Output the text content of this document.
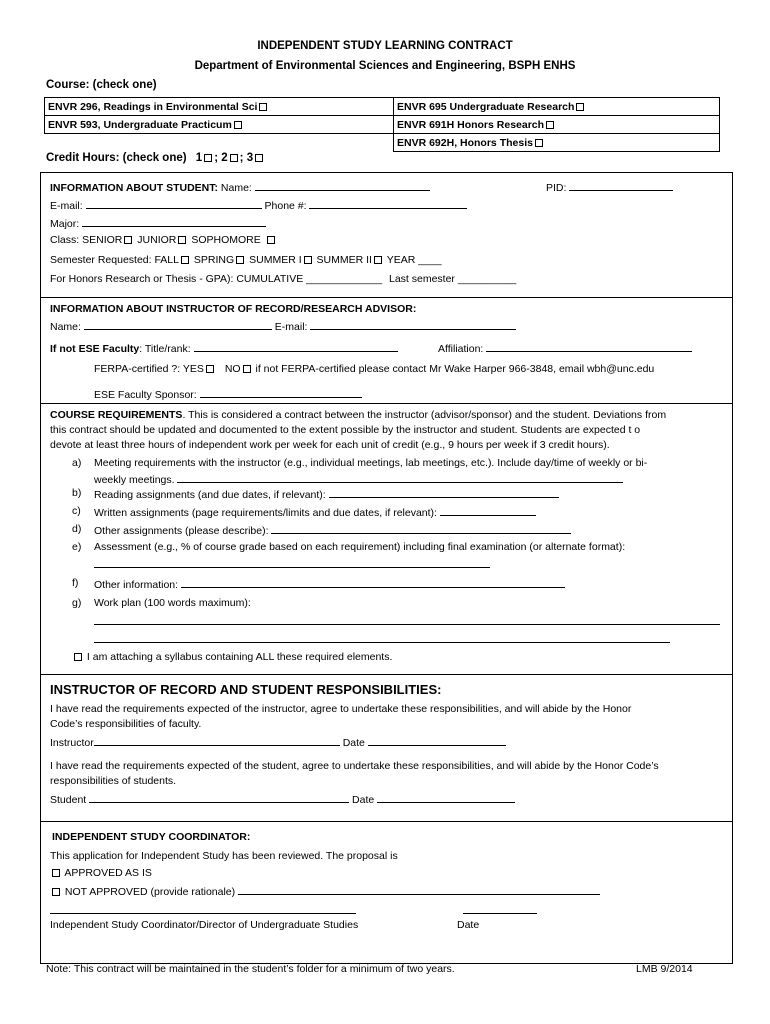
INDEPENDENT STUDY LEARNING CONTRACT
Department of Environmental Sciences and Engineering, BSPH ENHS
Course: (check one)
ENVR 296, Readings in Environmental Sci	ENVR 695 Undergraduate Research
ENVR 593, Undergraduate Practicum	ENVR 691H Honors Research
	ENVR 692H, Honors Thesis
Credit Hours: (check one) 1 ; 2 ; 3
INFORMATION ABOUT STUDENT: Name:	PID:
E-mail:	Phone #:
Major:
Class: SENIOR JUNIOR SOPHOMORE
Semester Requested: FALL SPRING SUMMER I SUMMER II YEAR ____
For Honors Research or Thesis - GPA): CUMULATIVE _____________ Last semester __________
INFORMATION ABOUT INSTRUCTOR OF RECORD/RESEARCH ADVISOR:
Name:	E-mail:
If not ESE Faculty: Title/rank:	Affiliation:
FERPA-certified ?: YES NO if not FERPA-certified please contact Mr Wake Harper 966-3848, email wbh@unc.edu
ESE Faculty Sponsor:
COURSE REQUIREMENTS. This is considered a contract between the instructor (advisor/sponsor) and the student. Deviations from
this contract should be updated and documented to the extent possible by the instructor and student. Students are expected t o
devote at least three hours of independent work per week for each unit of credit (e.g., 9 hours per week if 3 credit hours).
a) Meeting requirements with the instructor (e.g., individual meetings, lab meetings, etc.). Include day/time of weekly or bi-
weekly meetings.
b) Reading assignments (and due dates, if relevant):
c) Written assignments (page requirements/limits and due dates, if relevant):
d) Other assignments (please describe):
e) Assessment (e.g., % of course grade based on each requirement) including final examination (or alternate format):
f) Other information:
g) Work plan (100 words maximum):
I am attaching a syllabus containing ALL these required elements.
INSTRUCTOR OF RECORD AND STUDENT RESPONSIBILITIES:
I have read the requirements expected of the instructor, agree to undertake these responsibilities, and will abide by the Honor
Code’s responsibilities of faculty.
Instructor	Date
I have read the requirements expected of the student, agree to undertake these responsibilities, and will abide by the Honor Code’s
responsibilities of students.
Student	Date
INDEPENDENT STUDY COORDINATOR:
This application for Independent Study has been reviewed. The proposal is
APPROVED AS IS
NOT APPROVED (provide rationale)
Independent Study Coordinator/Director of Undergraduate Studies	Date
Note: This contract will be maintained in the student’s folder for a minimum of two years.	LMB 9/2014
